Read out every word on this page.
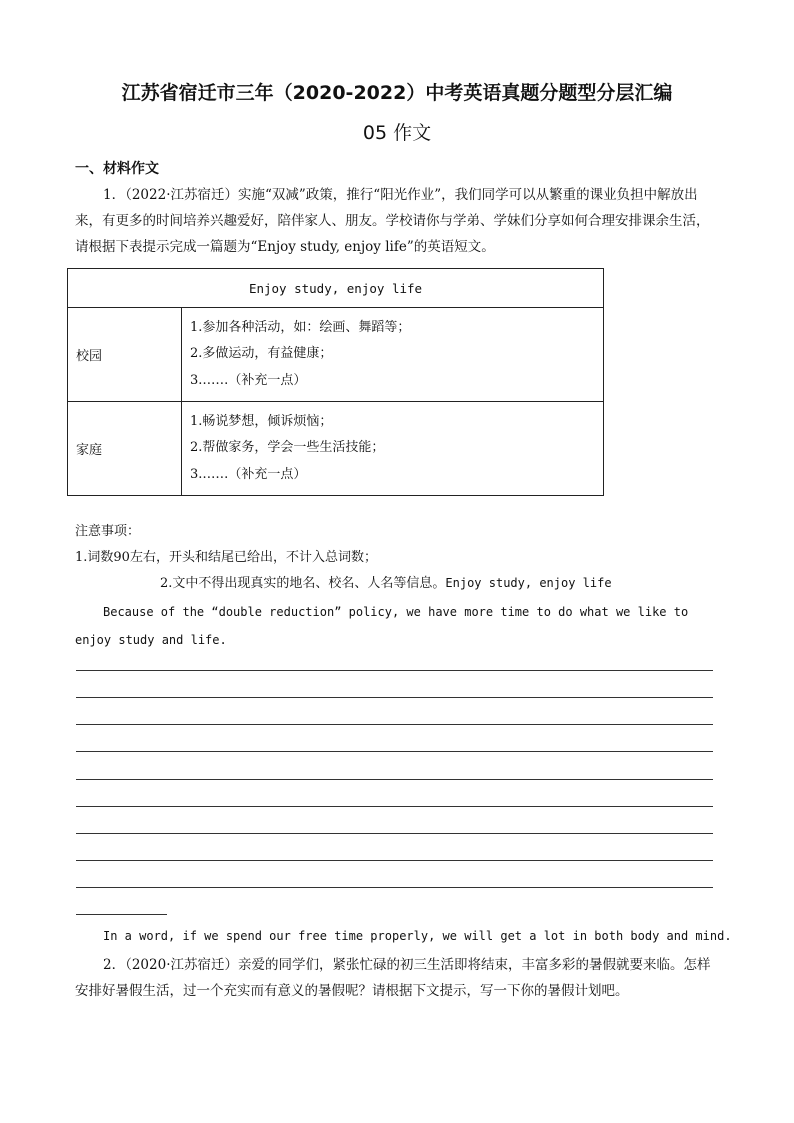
江苏省宿迁市三年（2020-2022）中考英语真题分题型分层汇编
05 作文
一、材料作文
1．（2022·江苏宿迁）实施“双减”政策，推行“阳光作业”，我们同学可以从繁重的课业负担中解放出来，有更多的时间培养兴趣爱好，陪伴家人、朋友。学校请你与学弟、学妹们分享如何合理安排课余生活，请根据下表提示完成一篇题为“Enjoy study, enjoy life”的英语短文。
Enjoy study, enjoy life	
校园	1.参加各种活动，如：绘画、舞蹈等；
2.多做运动，有益健康；
3.……（补充一点）

家庭	1.畅说梦想，倾诉烦恼；
2.帮做家务，学会一些生活技能；
3.……（补充一点）
注意事项：
1.词数90左右，开头和结尾已给出，不计入总词数；
2.文中不得出现真实的地名、校名、人名等信息。Enjoy study, enjoy life
Because of the “double reduction” policy, we have more time to do what we like to enjoy study and life.
In a word, if we spend our free time properly, we will get a lot in both body and mind.
2．（2020·江苏宿迁）亲爱的同学们，紧张忙碌的初三生活即将结束，丰富多彩的暑假就要来临。怎样安排好暑假生活，过一个充实而有意义的暑假呢？请根据下文提示，写一下你的暑假计划吧。
